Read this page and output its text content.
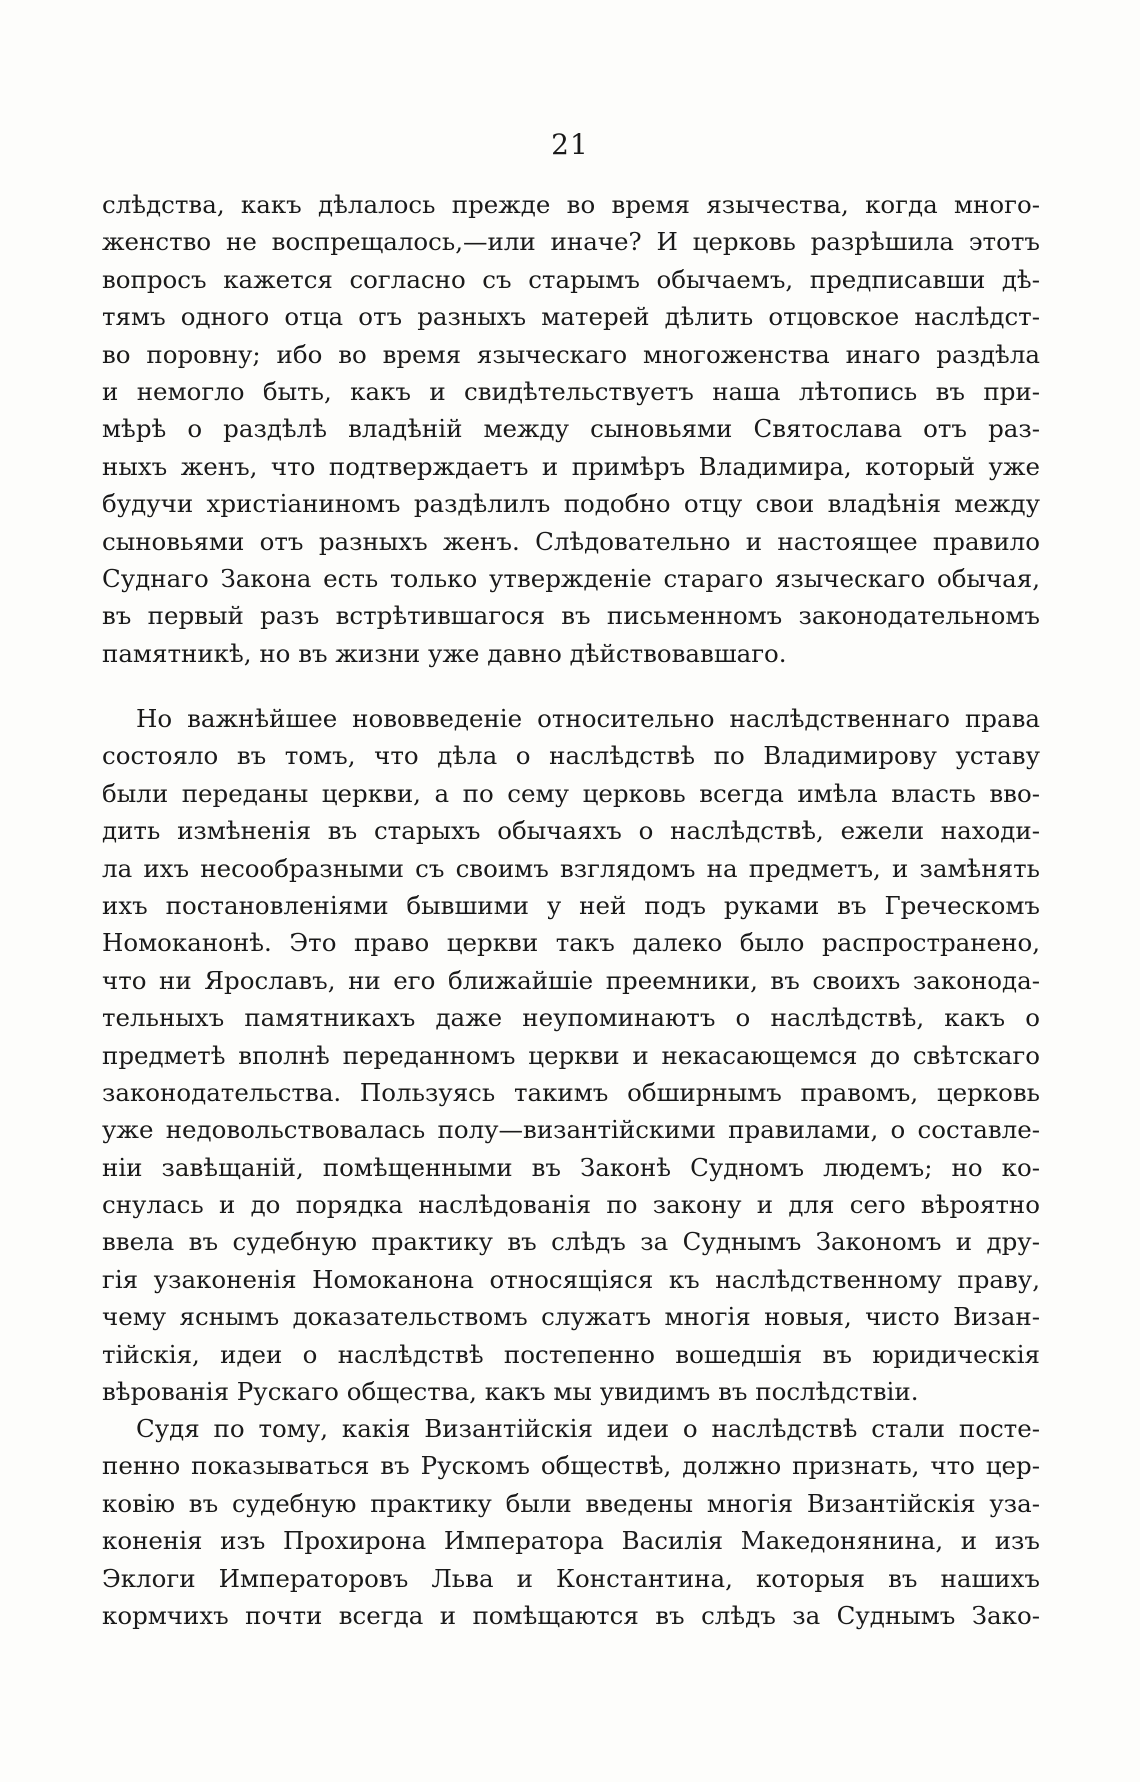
21
слѣдства, какъ дѣлалось прежде во время язычества, когда много-
женство не воспрещалось,—или иначе? И церковь разрѣшила этотъ
вопросъ кажется согласно съ старымъ обычаемъ, предписавши дѣ-
тямъ одного отца отъ разныхъ матерей дѣлить отцовское наслѣдст-
во поровну; ибо во время языческаго многоженства инаго раздѣла
и немогло быть, какъ и свидѣтельствуетъ наша лѣтопись въ при-
мѣрѣ о раздѣлѣ владѣній между сыновьями Святослава отъ раз-
ныхъ женъ, что подтверждаетъ и примѣръ Владимира, который уже
будучи христіаниномъ раздѣлилъ подобно отцу свои владѣнія между
сыновьями отъ разныхъ женъ. Слѣдовательно и настоящее правило
Суднаго Закона есть только утвержденіе стараго языческаго обычая,
въ первый разъ встрѣтившагося въ письменномъ законодательномъ
памятникѣ, но въ жизни уже давно дѣйствовавшаго.
Но важнѣйшее нововведеніе относительно наслѣдственнаго права
состояло въ томъ, что дѣла о наслѣдствѣ по Владимирову уставу
были переданы церкви, а по сему церковь всегда имѣла власть вво-
дить измѣненія въ старыхъ обычаяхъ о наслѣдствѣ, ежели находи-
ла ихъ несообразными съ своимъ взглядомъ на предметъ, и замѣнять
ихъ постановленіями бывшими у ней подъ руками въ Греческомъ
Номоканонѣ. Это право церкви такъ далеко было распространено,
что ни Ярославъ, ни его ближайшіе преемники, въ своихъ законода-
тельныхъ памятникахъ даже неупоминаютъ о наслѣдствѣ, какъ о
предметѣ вполнѣ переданномъ церкви и некасающемся до свѣтскаго
законодательства. Пользуясь такимъ обширнымъ правомъ, церковь
уже недовольствовалась полу—византійскими правилами, о составле-
ніи завѣщаній, помѣщенными въ Законѣ Судномъ людемъ; но ко-
снулась и до порядка наслѣдованія по закону и для сего вѣроятно
ввела въ судебную практику въ слѣдъ за Суднымъ Закономъ и дру-
гія узаконенія Номоканона относящіяся къ наслѣдственному праву,
чему яснымъ доказательствомъ служатъ многія новыя, чисто Визан-
тійскія, идеи о наслѣдствѣ постепенно вошедшія въ юридическія
вѣрованія Рускаго общества, какъ мы увидимъ въ послѣдствіи.
Судя по тому, какія Византійскія идеи о наслѣдствѣ стали посте-
пенно показываться въ Рускомъ обществѣ, должно признать, что цер-
ковію въ судебную практику были введены многія Византійскія уза-
коненія изъ Прохирона Императора Василія Македонянина, и изъ
Эклоги Императоровъ Льва и Константина, которыя въ нашихъ
кормчихъ почти всегда и помѣщаются въ слѣдъ за Суднымъ Зако-
